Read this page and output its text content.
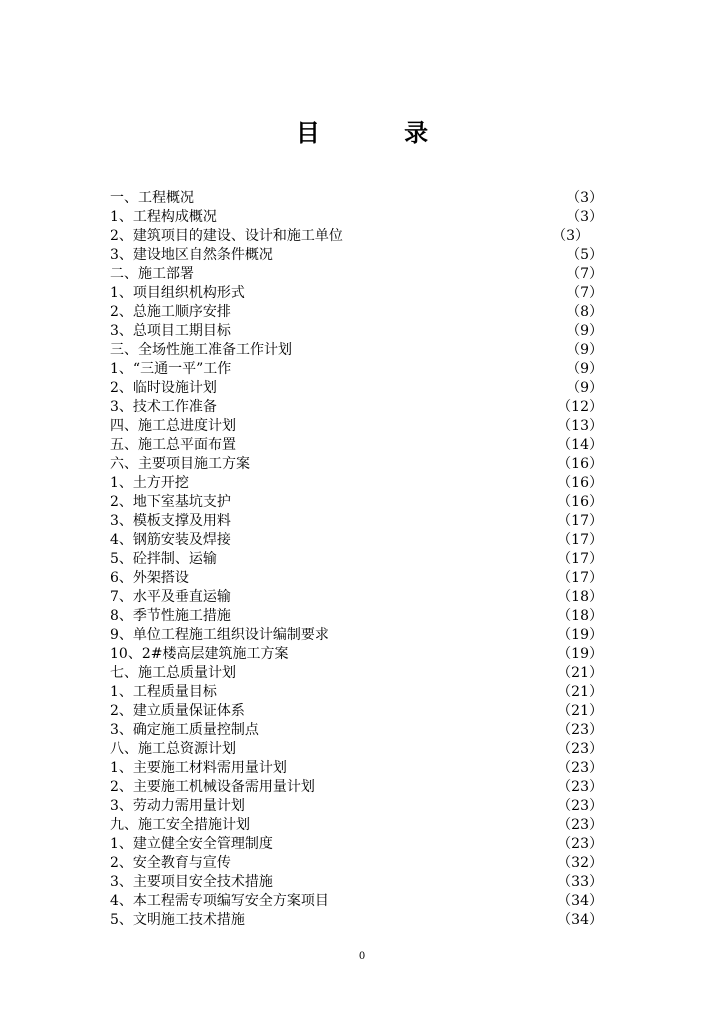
目 录
一、工程概况	（3）
1、工程构成概况	（3）
2、建筑项目的建设、设计和施工单位	（3）
3、建设地区自然条件概况	（5）
二、施工部署	（7）
1、项目组织机构形式	（7）
2、总施工顺序安排	（8）
3、总项目工期目标	（9）
三、全场性施工准备工作计划	（9）
1、“三通一平”工作	（9）
2、临时设施计划	（9）
3、技术工作准备	（12）
四、施工总进度计划	（13）
五、施工总平面布置	（14）
六、主要项目施工方案	（16）
1、土方开挖	（16）
2、地下室基坑支护	（16）
3、模板支撑及用料	（17）
4、钢筋安装及焊接	（17）
5、砼拌制、运输	（17）
6、外架搭设	（17）
7、水平及垂直运输	（18）
8、季节性施工措施	（18）
9、单位工程施工组织设计编制要求	（19）
10、2#楼高层建筑施工方案	（19）
七、施工总质量计划	（21）
1、工程质量目标	（21）
2、建立质量保证体系	（21）
3、确定施工质量控制点	（23）
八、施工总资源计划	（23）
1、主要施工材料需用量计划	（23）
2、主要施工机械设备需用量计划	（23）
3、劳动力需用量计划	（23）
九、施工安全措施计划	（23）
1、建立健全安全管理制度	（23）
2、安全教育与宣传	（32）
3、主要项目安全技术措施	（33）
4、本工程需专项编写安全方案项目	（34）
5、文明施工技术措施	（34）
0
